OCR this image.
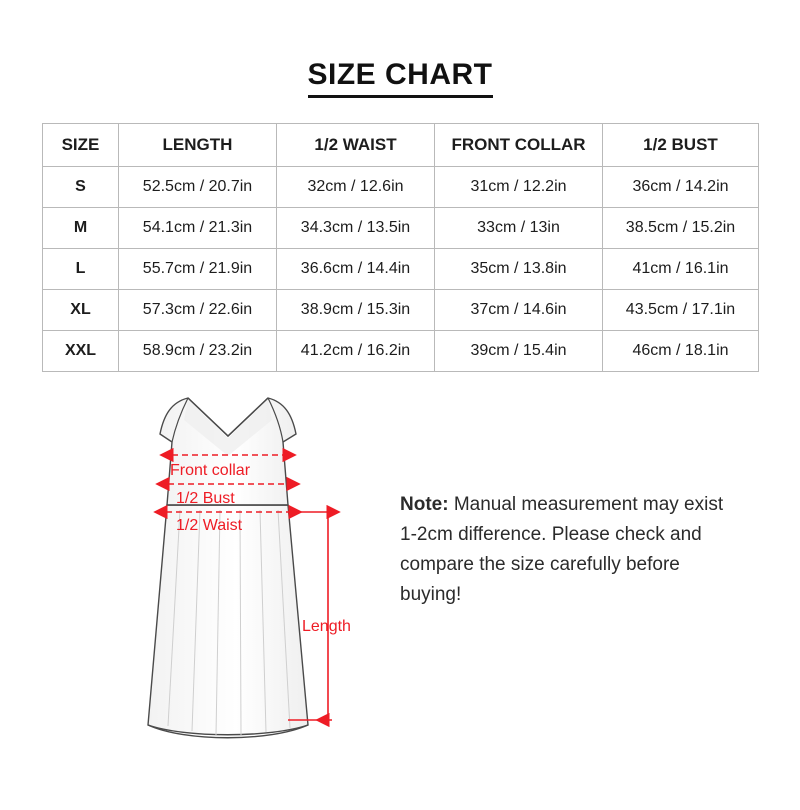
SIZE CHART
SIZE	LENGTH	1/2 WAIST	FRONT COLLAR	1/2 BUST
S	52.5cm / 20.7in	32cm / 12.6in	31cm / 12.2in	36cm / 14.2in
M	54.1cm / 21.3in	34.3cm / 13.5in	33cm / 13in	38.5cm / 15.2in
L	55.7cm / 21.9in	36.6cm / 14.4in	35cm / 13.8in	41cm / 16.1in
XL	57.3cm / 22.6in	38.9cm / 15.3in	37cm / 14.6in	43.5cm / 17.1in
XXL	58.9cm / 23.2in	41.2cm / 16.2in	39cm / 15.4in	46cm / 18.1in
Front collar
1/2 Bust
1/2 Waist
Length
Note: Manual measurement may exist 1-2cm difference. Please check and compare the size carefully before buying!
